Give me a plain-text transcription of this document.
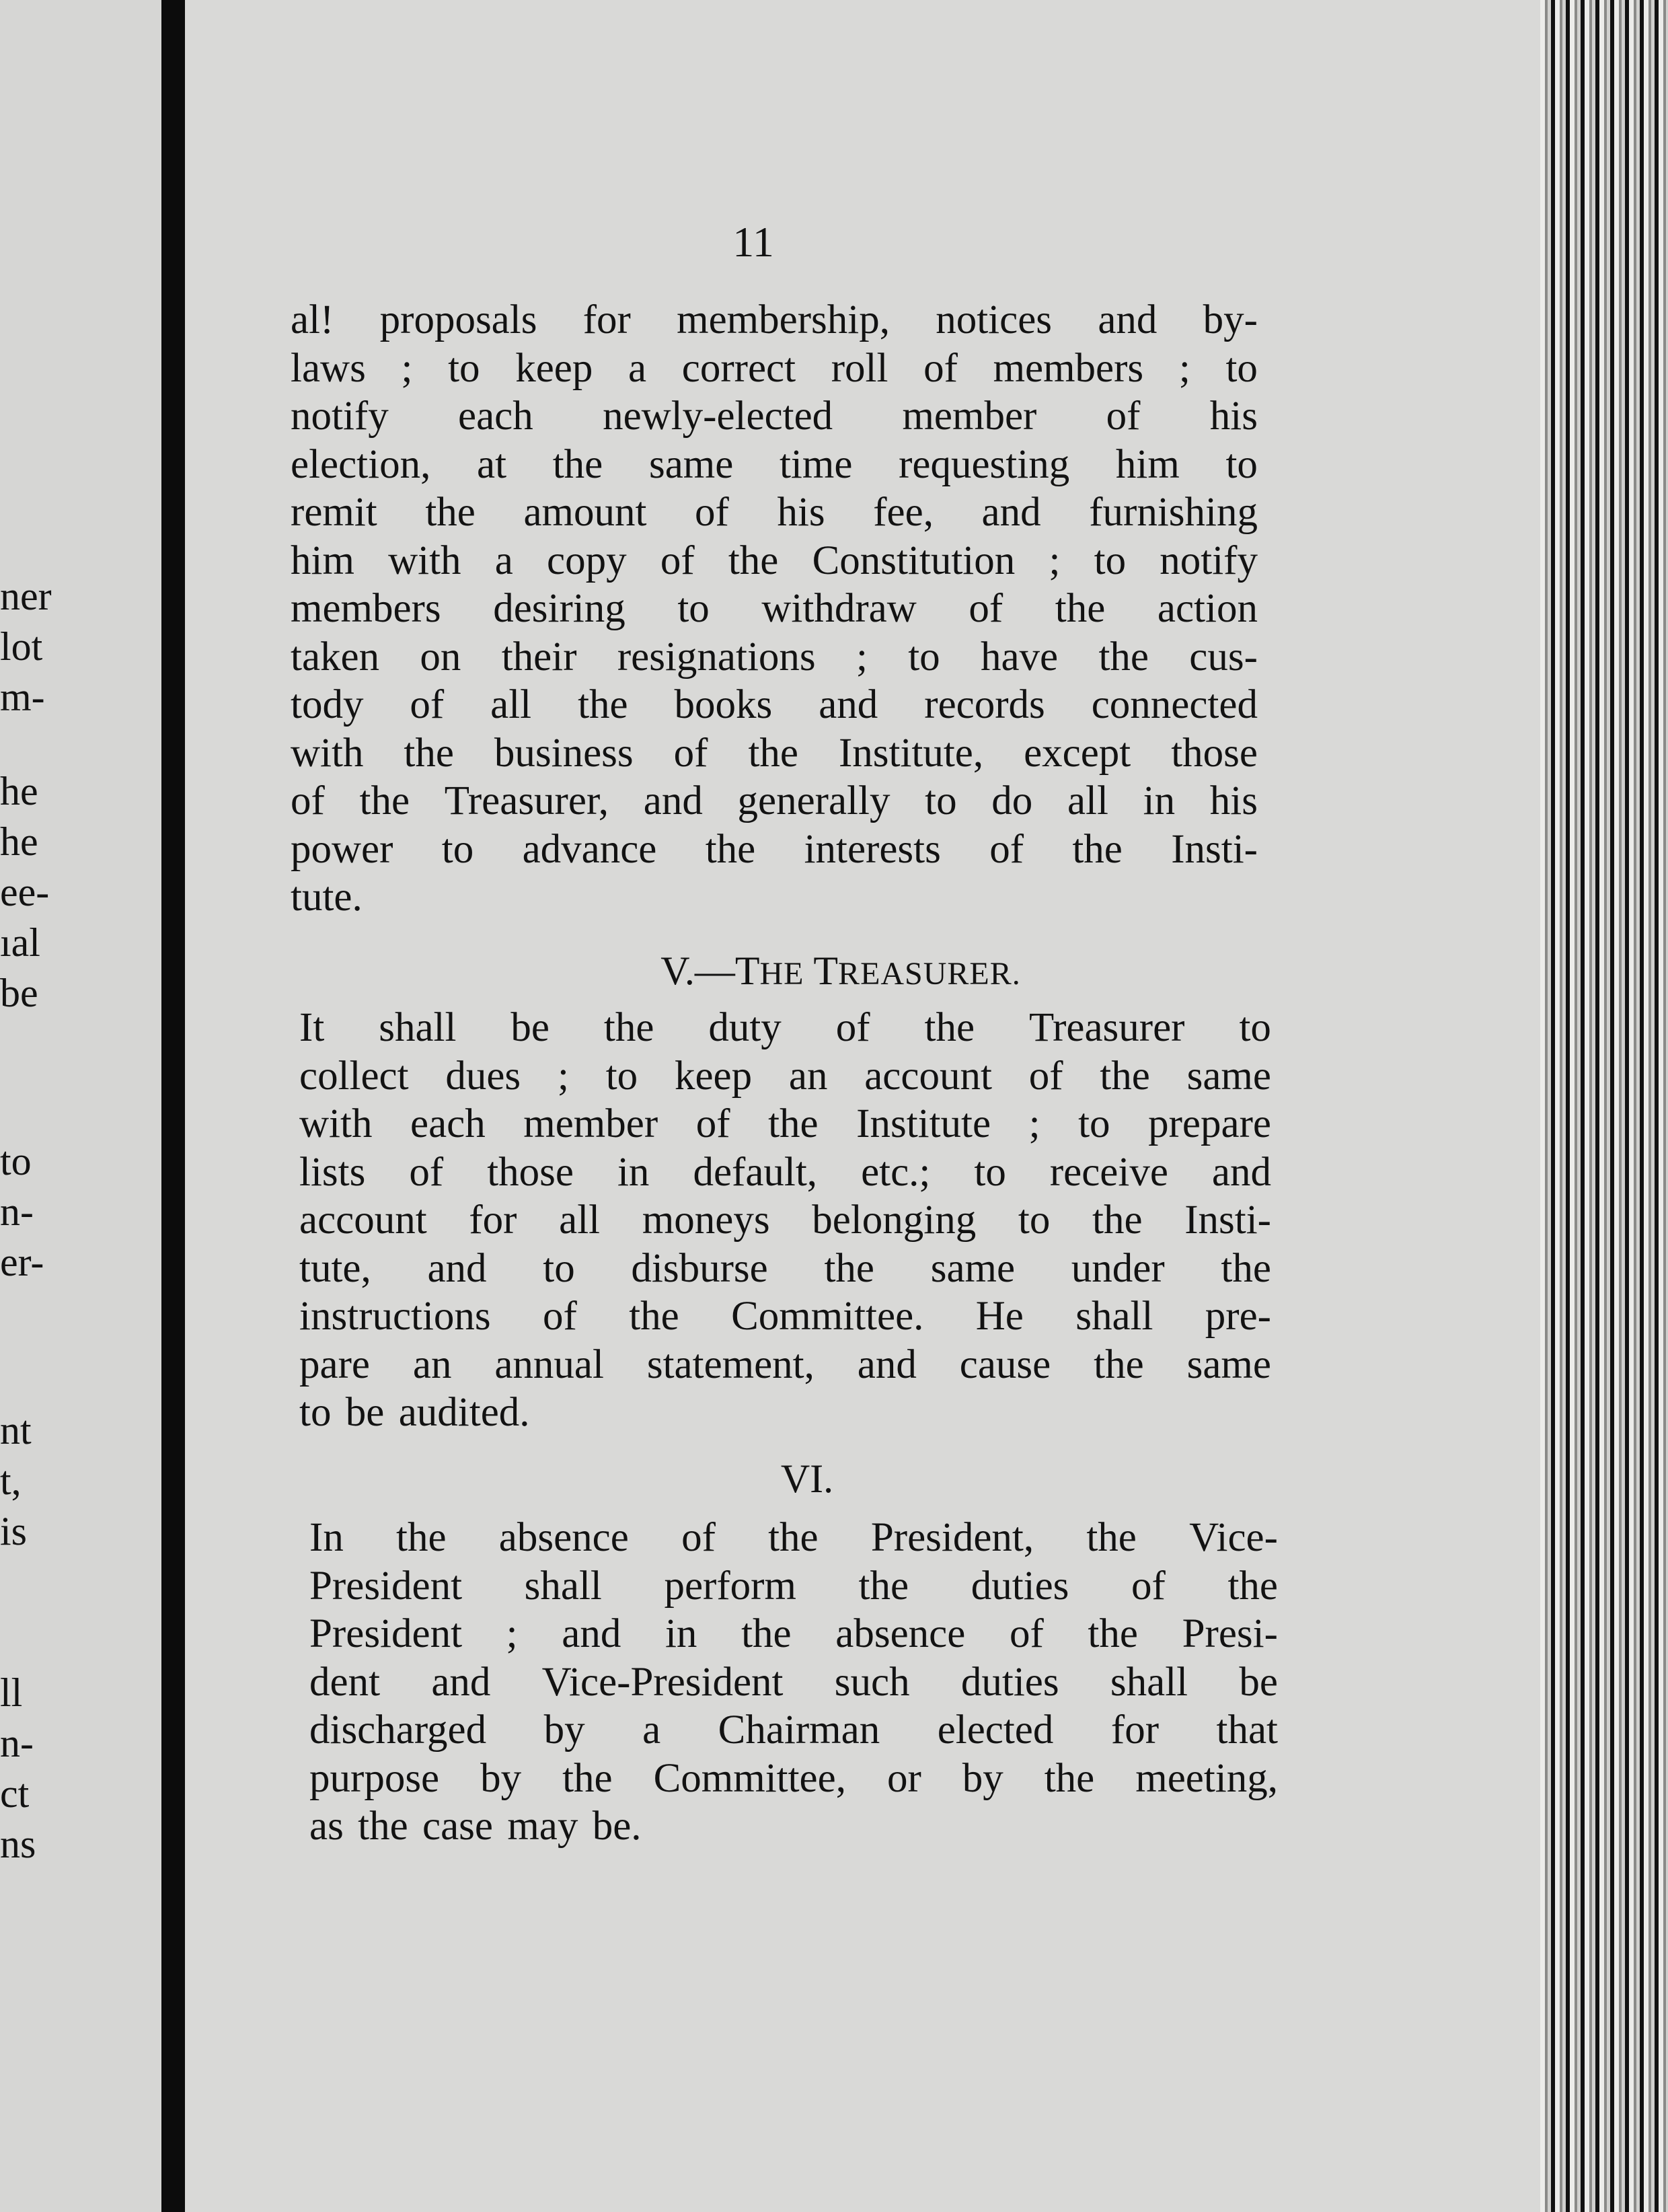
ner
lot
m-
he
he
ee-
ıal
be
to
n-
er-
nt
t,
is
ll
n-
ct
ns
11
al! proposals for membership, notices and by-
laws ; to keep a correct roll of members ; to
notify each newly-elected member of his
election, at the same time requesting him to
remit the amount of his fee, and furnishing
him with a copy of the Constitution ; to notify
members desiring to withdraw of the action
taken on their resignations ; to have the cus-
tody of all the books and records connected
with the business of the Institute, except those
of the Treasurer, and generally to do all in his
power to advance the interests of the Insti-
tute.
V.—THE TREASURER.
It shall be the duty of the Treasurer to
collect dues ; to keep an account of the same
with each member of the Institute ; to prepare
lists of those in default, etc.; to receive and
account for all moneys belonging to the Insti-
tute, and to disburse the same under the
instructions of the Committee. He shall pre-
pare an annual statement, and cause the same
to be audited.
VI.
In the absence of the President, the Vice-
President shall perform the duties of the
President ; and in the absence of the Presi-
dent and Vice-President such duties shall be
discharged by a Chairman elected for that
purpose by the Committee, or by the meeting,
as the case may be.
